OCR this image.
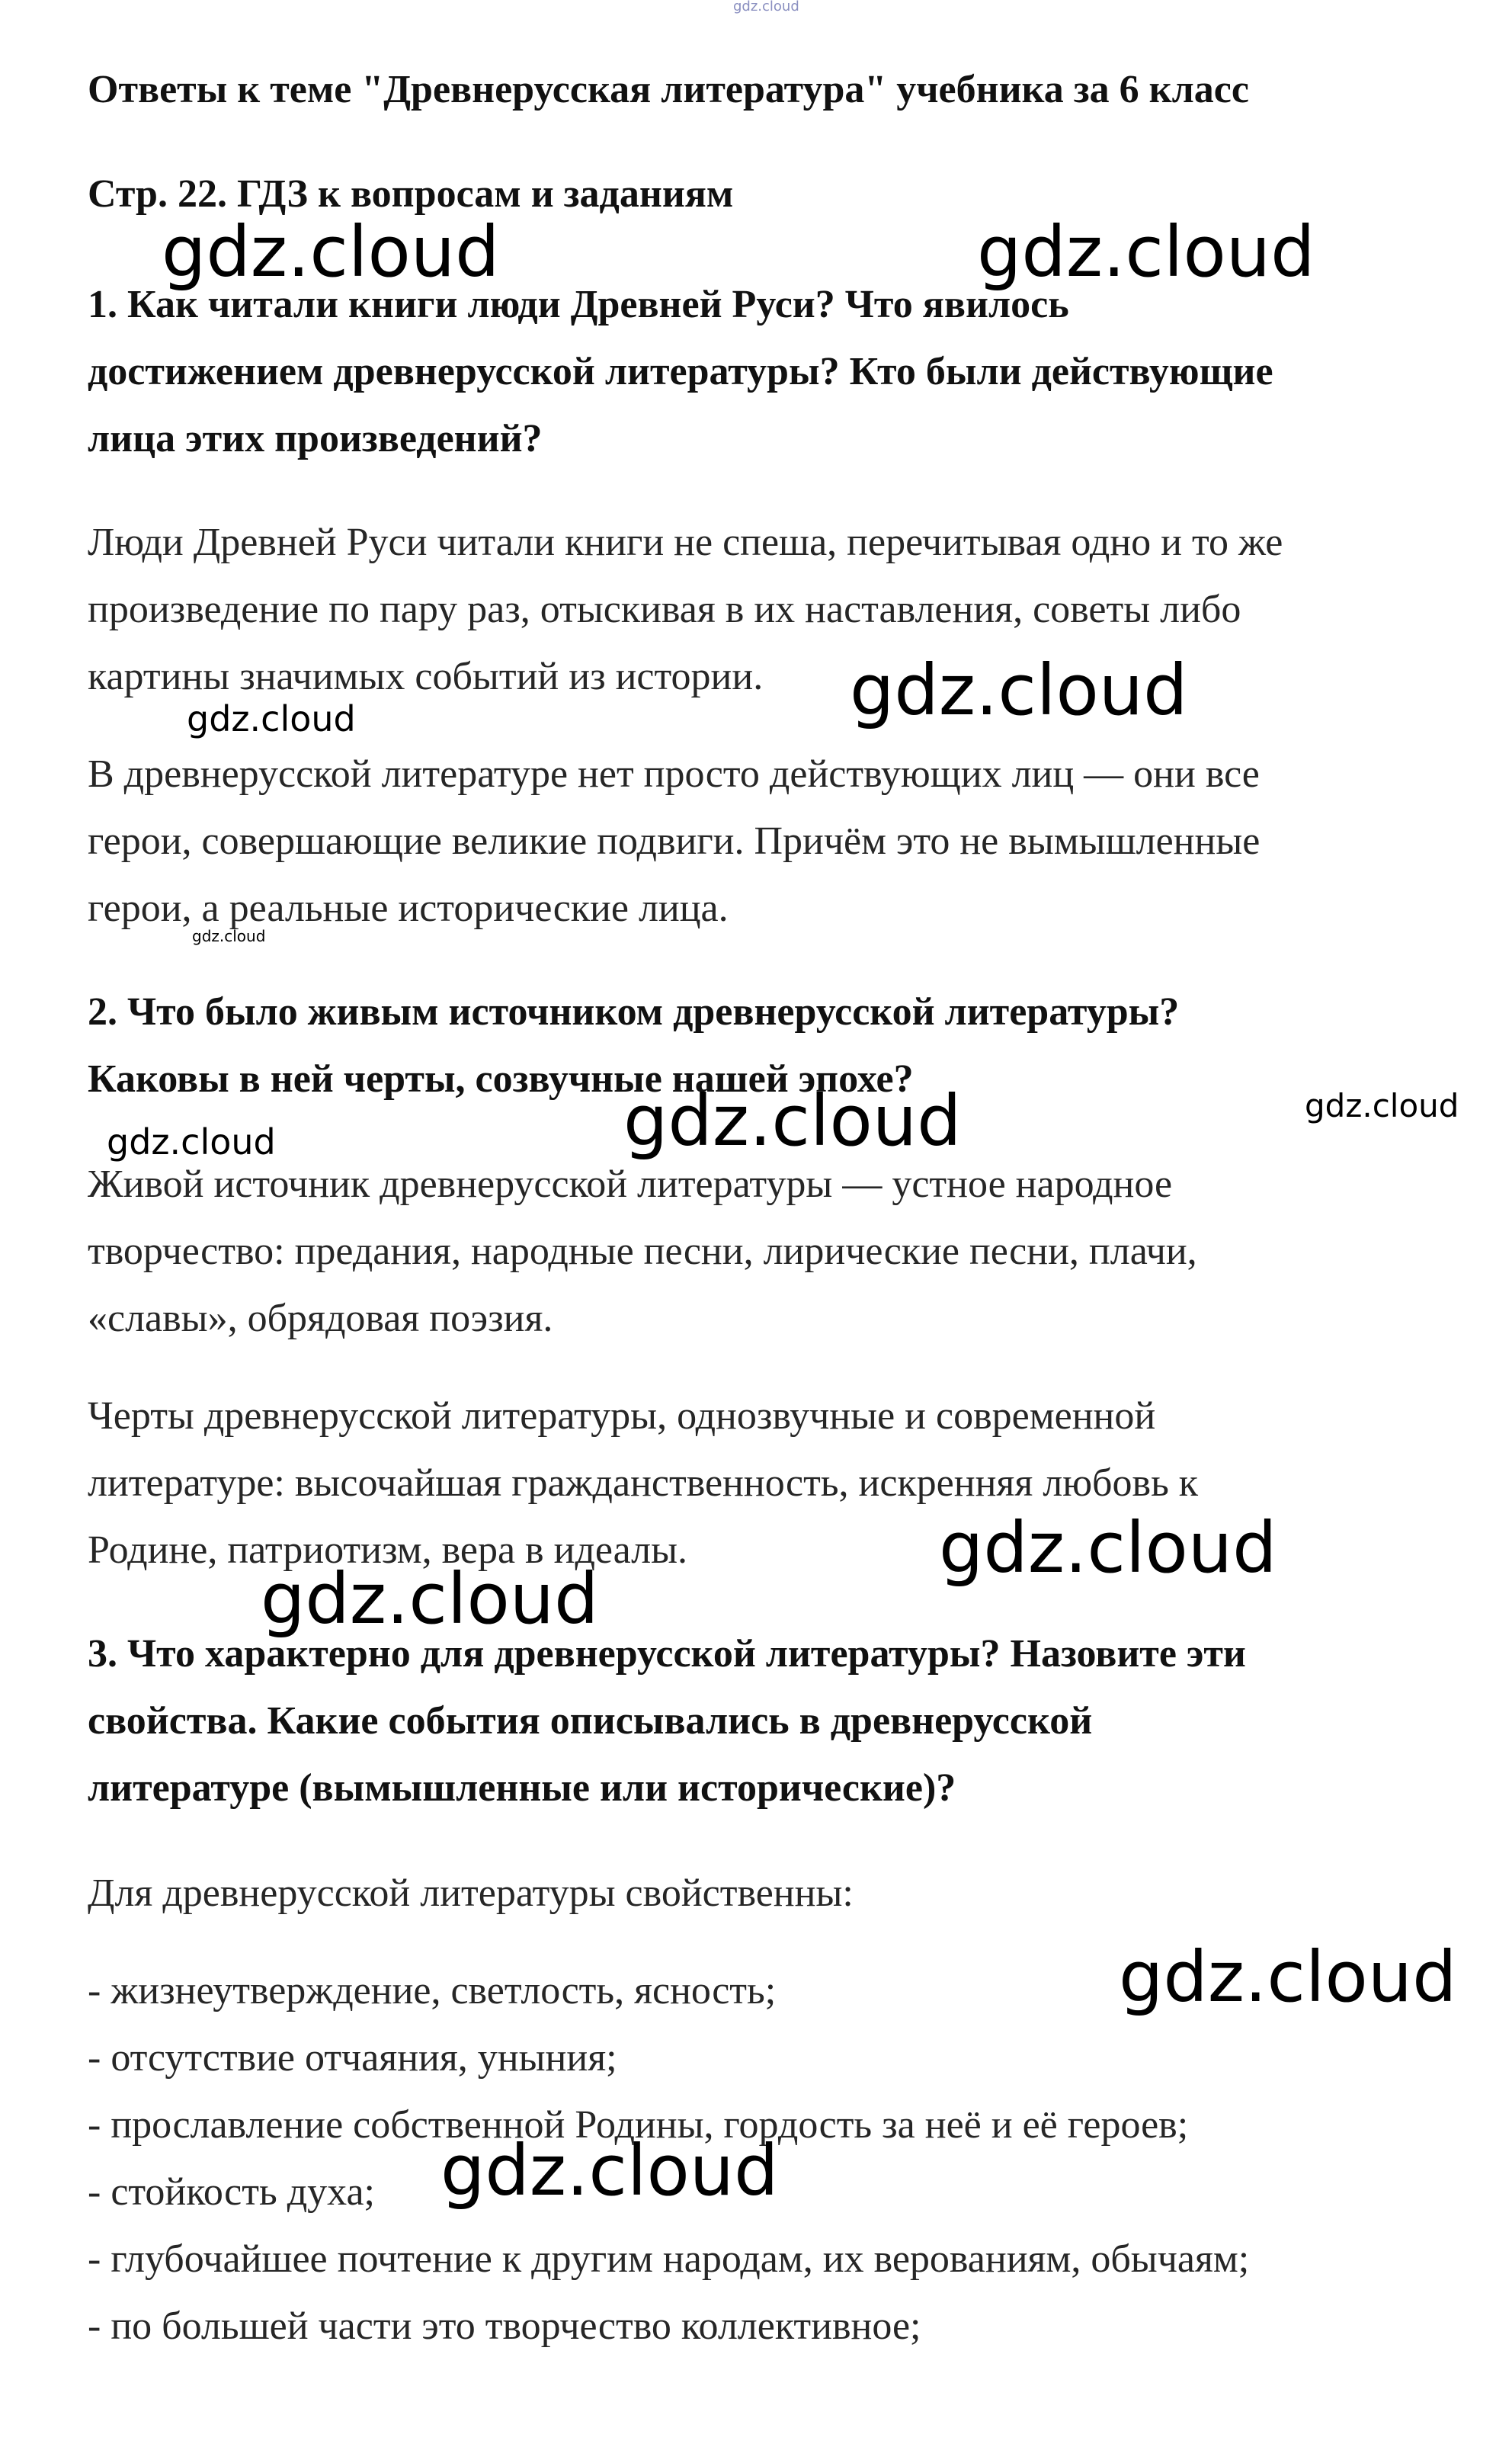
gdz.cloud
Ответы к теме "Древнерусская литература" учебника за 6 класс
Стр. 22. ГДЗ к вопросам и заданиям

1. Как читали книги люди Древней Руси? Что явилось

достижением древнерусской литературы? Кто были действующие

лица этих произведений?

Люди Древней Руси читали книги не спеша, перечитывая одно и то же

произведение по пару раз, отыскивая в их наставления, советы либо

картины значимых событий из истории.

В древнерусской литературе нет просто действующих лиц — они все

герои, совершающие великие подвиги. Причём это не вымышленные

герои, а реальные исторические лица.

2. Что было живым источником древнерусской литературы?

Каковы в ней черты, созвучные нашей эпохе?

Живой источник древнерусской литературы — устное народное

творчество: предания, народные песни, лирические песни, плачи,

«славы», обрядовая поэзия.

Черты древнерусской литературы, однозвучные и современной

литературе: высочайшая гражданственность, искренняя любовь к

Родине, патриотизм, вера в идеалы.

3. Что характерно для древнерусской литературы? Назовите эти

свойства. Какие события описывались в древнерусской

литературе (вымышленные или исторические)?

Для древнерусской литературы свойственны:

- жизнеутверждение, светлость, ясность;
- отсутствие отчаяния, уныния;
- прославление собственной Родины, гордость за неё и её героев;
- стойкость духа;
- глубочайшее почтение к другим народам, их верованиям, обычаям;
- по большей части это творчество коллективное;
gdz.cloud	gdz.cloud
gdz.cloud
gdz.cloud
gdz.cloud
gdz.cloud
gdz.cloud	gdz.cloud
gdz.cloud
gdz.cloud
gdz.cloud
gdz.cloud
